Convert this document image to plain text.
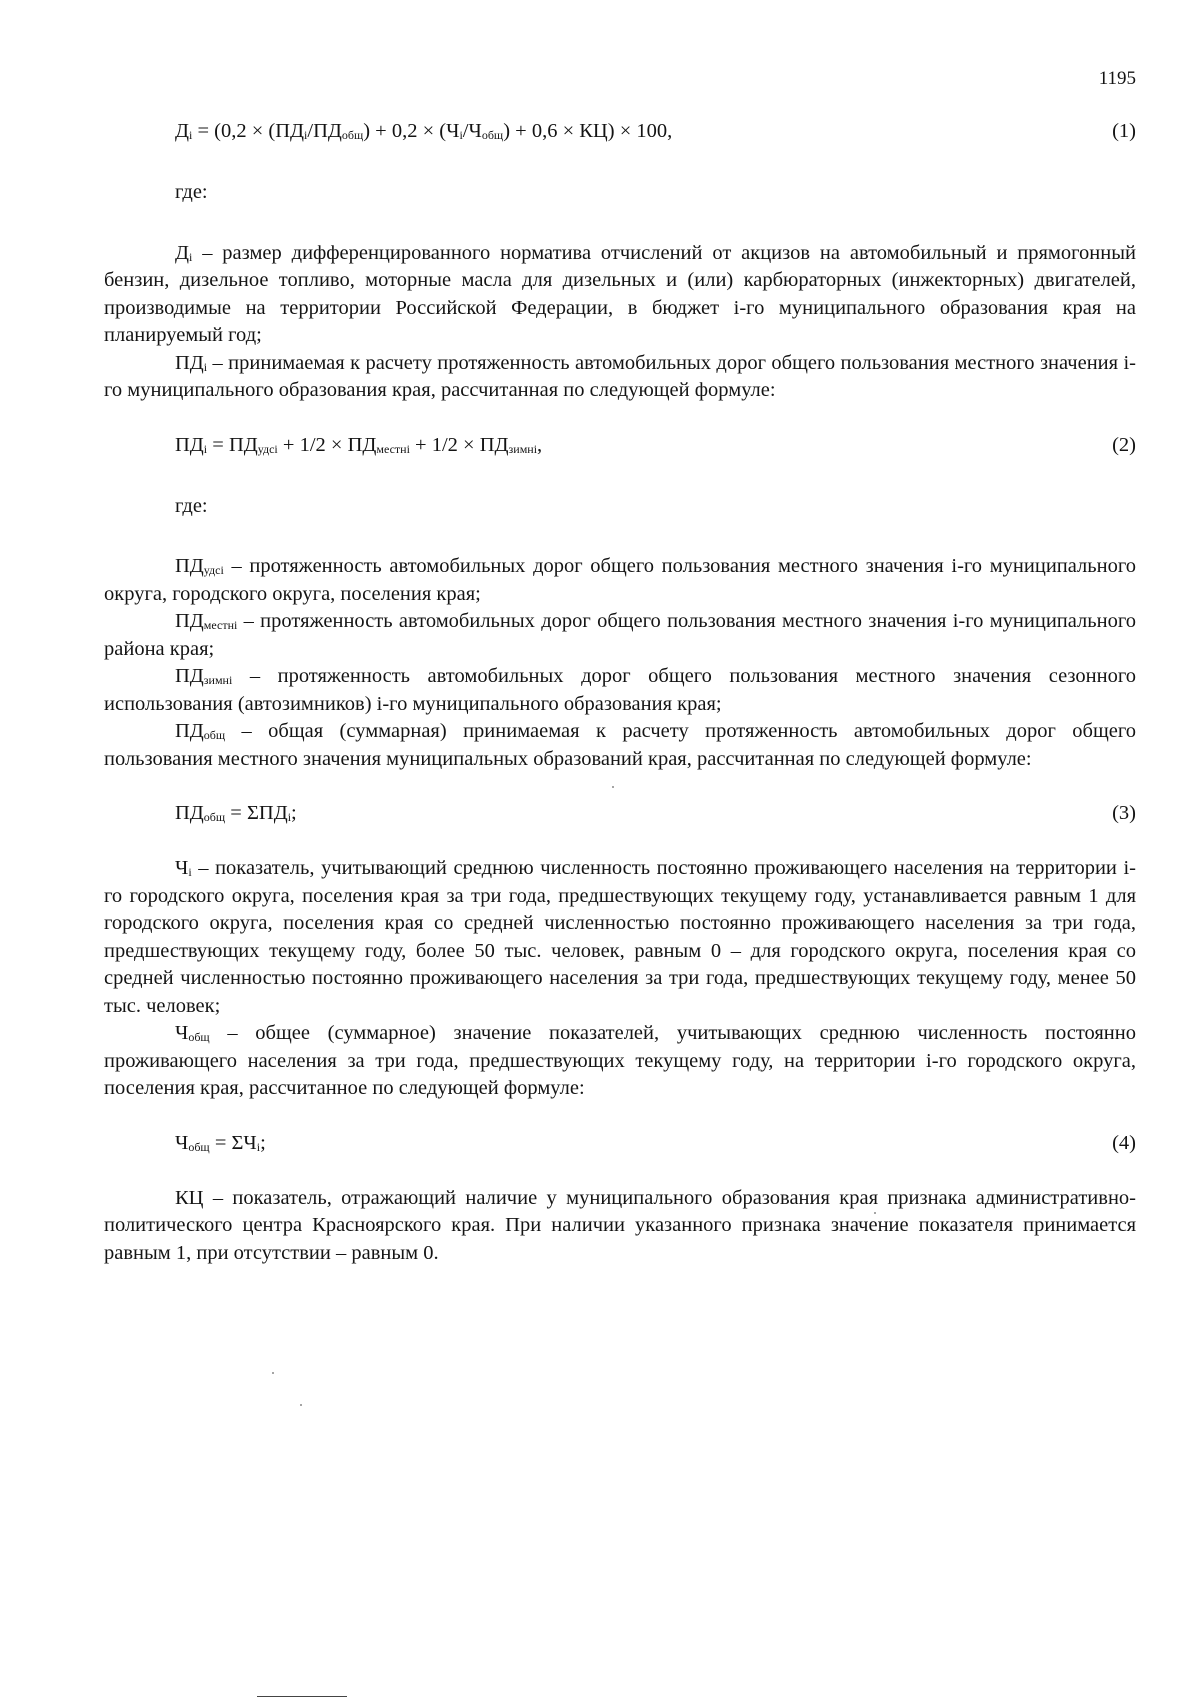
1195
$Д_i = (0,2 \times (ПД_i/ПД_{общ}) + 0,2 \times (Ч_i/Ч_{общ}) + 0,6 \times КЦ) \times 100$,	(1)

где:

$Д_i$ – размер дифференцированного норматива отчислений от акцизов на автомобильный и прямогонный бензин, дизельное топливо, моторные масла для дизельных и (или) карбюраторных (инжекторных) двигателей, производимые на территории Российской Федерации, в бюджет i-го муниципального образования края на планируемый год;

$ПД_i$ – принимаемая к расчету протяженность автомобильных дорог общего пользования местного значения i-го муниципального образования края, рассчитанная по следующей формуле:

$ПД_i = ПД_{удсi} + 1/2 \times ПД_{местнi} + 1/2 \times ПД_{зимнi}$,	(2)

где:

$ПД_{удсi}$ – протяженность автомобильных дорог общего пользования местного значения i-го муниципального округа, городского округа, поселения края;

$ПД_{местнi}$ – протяженность автомобильных дорог общего пользования местного значения i-го муниципального района края;

$ПД_{зимнi}$ – протяженность автомобильных дорог общего пользования местного значения сезонного использования (автозимников) i-го муниципального образования края;

$ПД_{общ}$ – общая (суммарная) принимаемая к расчету протяженность автомобильных дорог общего пользования местного значения муниципальных образований края, рассчитанная по следующей формуле:

$ПД_{общ} = \Sigma ПД_i$;	(3)

$Ч_i$ – показатель, учитывающий среднюю численность постоянно проживающего населения на территории i-го городского округа, поселения края за три года, предшествующих текущему году, устанавливается равным 1 для городского округа, поселения края со средней численностью постоянно проживающего населения за три года, предшествующих текущему году, более 50 тыс. человек, равным 0 – для городского округа, поселения края со средней численностью постоянно проживающего населения за три года, предшествующих текущему году, менее 50 тыс. человек;

$Ч_{общ}$ – общее (суммарное) значение показателей, учитывающих среднюю численность постоянно проживающего населения за три года, предшествующих текущему году, на территории i-го городского округа, поселения края, рассчитанное по следующей формуле:

$Ч_{общ} = \Sigma Ч_i$;	(4)

КЦ – показатель, отражающий наличие у муниципального образования края признака административно-политического центра Красноярского края. При наличии указанного признака значение показателя принимается равным 1, при отсутствии – равным 0.
